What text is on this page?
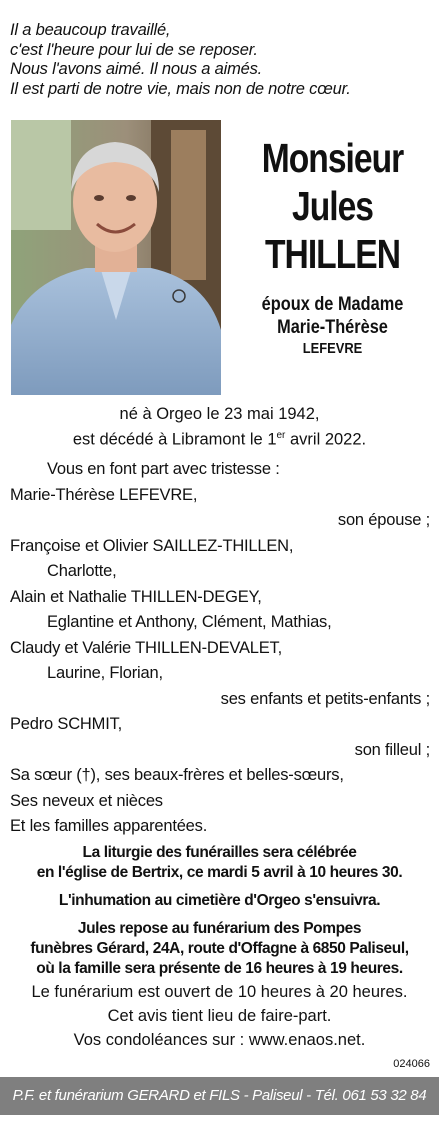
Il a beaucoup travaillé,
c'est l'heure pour lui de se reposer.
Nous l'avons aimé. Il nous a aimés.
Il est parti de notre vie, mais non de notre cœur.
Monsieur
Jules
THILLEN
époux de Madame
Marie-Thérèse
LEFEVRE
né à Orgeo le 23 mai 1942,
est décédé à Libramont le 1er avril 2022.
Vous en font part avec tristesse :
Marie-Thérèse LEFEVRE,
son épouse ;
Françoise et Olivier SAILLEZ-THILLEN,
Charlotte,
Alain et Nathalie THILLEN-DEGEY,
Eglantine et Anthony, Clément, Mathias,
Claudy et Valérie THILLEN-DEVALET,
Laurine, Florian,
ses enfants et petits-enfants ;
Pedro SCHMIT,
son filleul ;
Sa sœur (†), ses beaux-frères et belles-sœurs,
Ses neveux et nièces
Et les familles apparentées.
La liturgie des funérailles sera célébrée
en l'église de Bertrix, ce mardi 5 avril à 10 heures 30.
L'inhumation au cimetière d'Orgeo s'ensuivra.
Jules repose au funérarium des Pompes
funèbres Gérard, 24A, route d'Offagne à 6850 Paliseul,
où la famille sera présente de 16 heures à 19 heures.
Le funérarium est ouvert de 10 heures à 20 heures.
Cet avis tient lieu de faire-part.
Vos condoléances sur : www.enaos.net.
024066
P.F. et funérarium GERARD et FILS - Paliseul - Tél. 061 53 32 84
